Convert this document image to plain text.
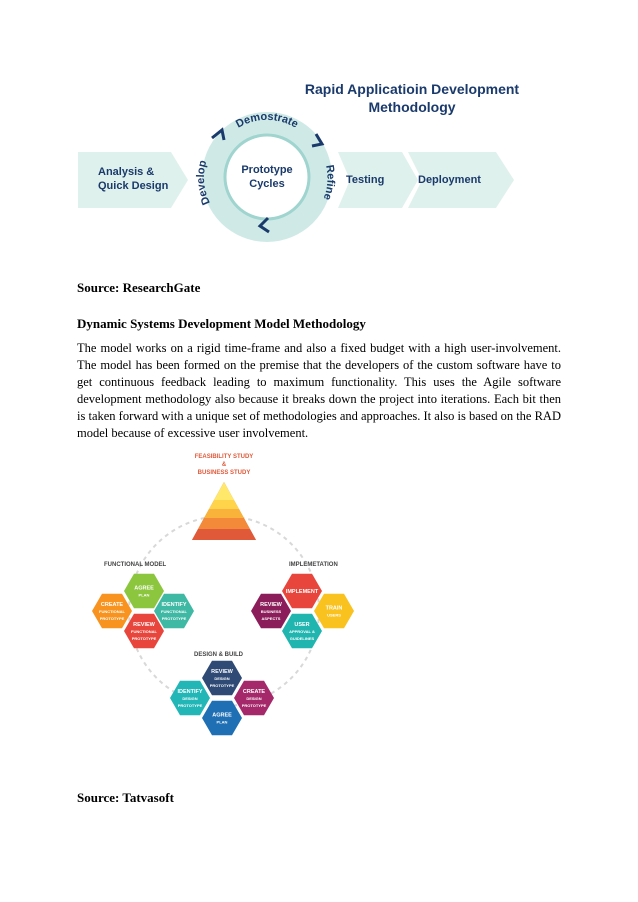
Rapid Applicatioin Development
Methodology
Analysis &
Quick Design
Prototype
Cycles
Demostrate
Develop
Refine
Testing	Deployment
Source: ResearchGate
Dynamic Systems Development Model Methodology
The model works on a rigid time-frame and also a fixed budget with a high user-involvement. The model has been formed on the premise that the developers of the custom software have to get continuous feedback leading to maximum functionality. This uses the Agile software development methodology also because it breaks down the project into iterations. Each bit then is taken forward with a unique set of methodologies and approaches. It also is based on the RAD model because of excessive user involvement.
FEASIBILITY STUDY
&
BUSINESS STUDY
FUNCTIONAL MODEL	IMPLEMETATION
DESIGN & BUILD
AGREE
PLAN
CREATE
FUNCTIONAL
PROTOTYPE
IDENTIFY
FUNCTIONAL
PROTOTYPE
REVIEW
FUNCTIONAL
PROTOTYPE
IMPLEMENT
REVIEW
BUSINESS
ASPECTS
TRAIN
USERS
USER
APPROVAL &
GUIDELINES
REVIEW
DESIGN
PROTOTYPE
IDENTIFY
DESIGN
PROTOTYPE
CREATE
DESIGN
PROTOTYPE
AGREE
PLAN
Source: Tatvasoft
